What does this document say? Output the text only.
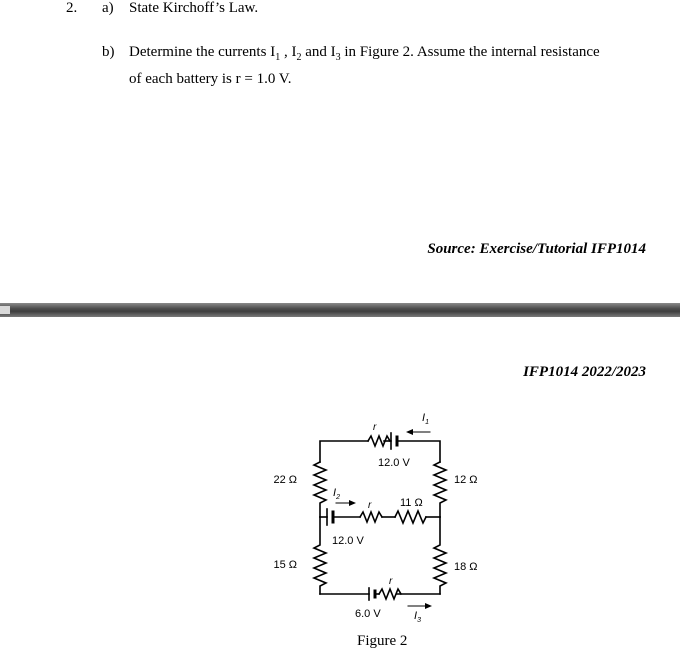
2. a) State Kirchoff’s Law.
b) Determine the currents $I_1$ , $I_2$ and $I_3$ in Figure 2. Assume the internal resistance
of each battery is r = 1.0 V.
Source: Exercise/Tutorial IFP1014
IFP1014 2022/2023
22 Ω
15 Ω
12 Ω
18 Ω
11 Ω
12.0 V
12.0 V
6.0 V
r
r
r
$I_1$
$I_2$
$I_3$
Figure 2
